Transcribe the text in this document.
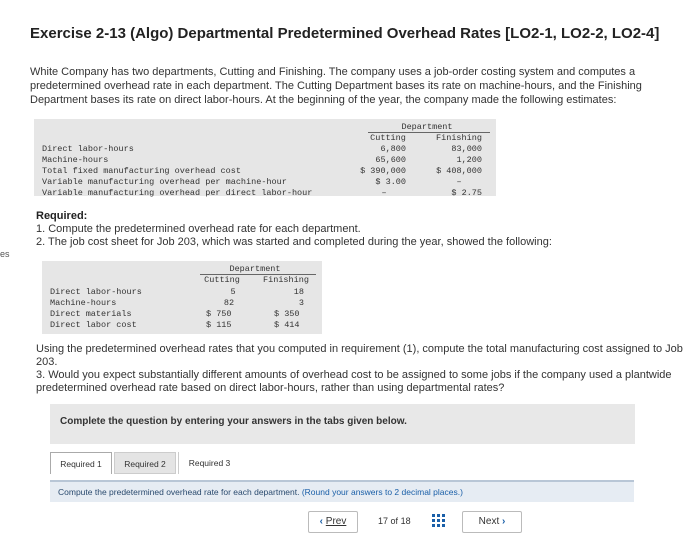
es
Exercise 2-13 (Algo) Departmental Predetermined Overhead Rates [LO2-1, LO2-2, LO2-4]

White Company has two departments, Cutting and Finishing. The company uses a job-order costing system and computes a predetermined overhead rate in each department. The Cutting Department bases its rate on machine-hours, and the Finishing Department bases its rate on direct labor-hours. At the beginning of the year, the company made the following estimates:

Department
Cutting	Finishing
Direct labor-hours	6,800	83,000
Machine-hours	65,600	1,200
Total fixed manufacturing overhead cost	$ 390,000	$ 408,000
Variable manufacturing overhead per machine-hour	$ 3.00	–
Variable manufacturing overhead per direct labor-hour	–	$ 2.75
Required:
1. Compute the predetermined overhead rate for each department.
2. The job cost sheet for Job 203, which was started and completed during the year, showed the following:
Department
Cutting	Finishing
Direct labor-hours	5	18
Machine-hours	82	3
Direct materials	$ 750	$ 350
Direct labor cost	$ 115	$ 414
Using the predetermined overhead rates that you computed in requirement (1), compute the total manufacturing cost assigned to Job 203.
3. Would you expect substantially different amounts of overhead cost to be assigned to some jobs if the company used a plantwide predetermined overhead rate based on direct labor-hours, rather than using departmental rates?
Complete the question by entering your answers in the tabs given below.
Required 1	Required 2	Required 3
Compute the predetermined overhead rate for each department. (Round your answers to 2 decimal places.)
‹ Prev	17 of 18	Next ›
